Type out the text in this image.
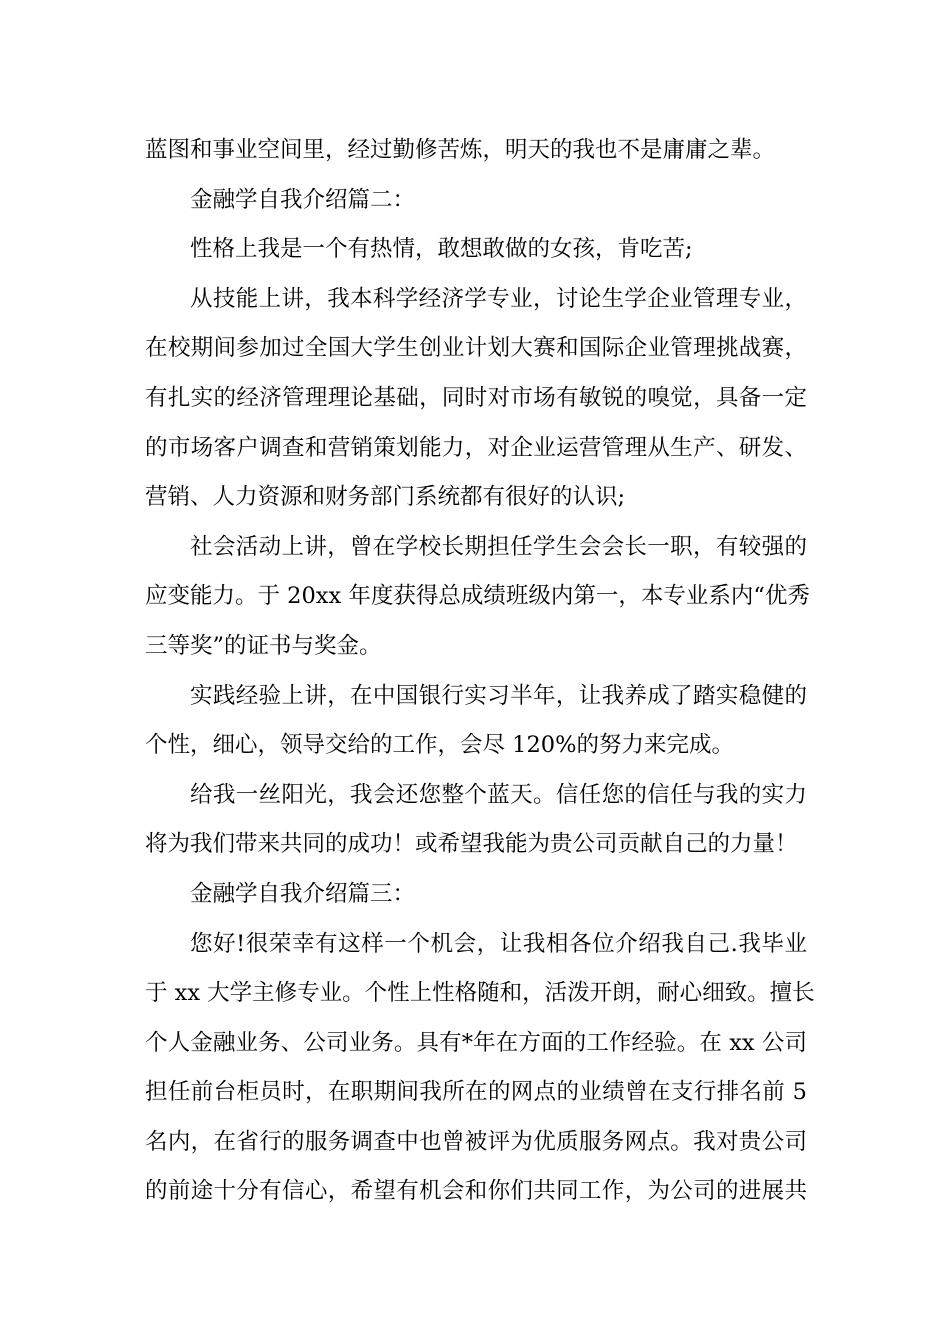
蓝图和事业空间里，经过勤修苦炼，明天的我也不是庸庸之辈。
金融学自我介绍篇二：
性格上我是一个有热情，敢想敢做的女孩，肯吃苦;
从技能上讲，我本科学经济学专业，讨论生学企业管理专业，
在校期间参加过全国大学生创业计划大赛和国际企业管理挑战赛，
有扎实的经济管理理论基础，同时对市场有敏锐的嗅觉，具备一定
的市场客户调查和营销策划能力，对企业运营管理从生产、研发、
营销、人力资源和财务部门系统都有很好的认识;
社会活动上讲，曾在学校长期担任学生会会长一职，有较强的
应变能力。于 20xx 年度获得总成绩班级内第一，本专业系内“优秀
三等奖”的证书与奖金。
实践经验上讲，在中国银行实习半年，让我养成了踏实稳健的
个性，细心，领导交给的工作，会尽 120%的努力来完成。
给我一丝阳光，我会还您整个蓝天。信任您的信任与我的实力
将为我们带来共同的成功！或希望我能为贵公司贡献自己的力量！
金融学自我介绍篇三：
您好!很荣幸有这样一个机会，让我相各位介绍我自己.我毕业
于 xx 大学主修专业。个性上性格随和，活泼开朗，耐心细致。擅长
个人金融业务、公司业务。具有*年在方面的工作经验。在 xx 公司
担任前台柜员时，在职期间我所在的网点的业绩曾在支行排名前 5
名内，在省行的服务调查中也曾被评为优质服务网点。我对贵公司
的前途十分有信心，希望有机会和你们共同工作，为公司的进展共
